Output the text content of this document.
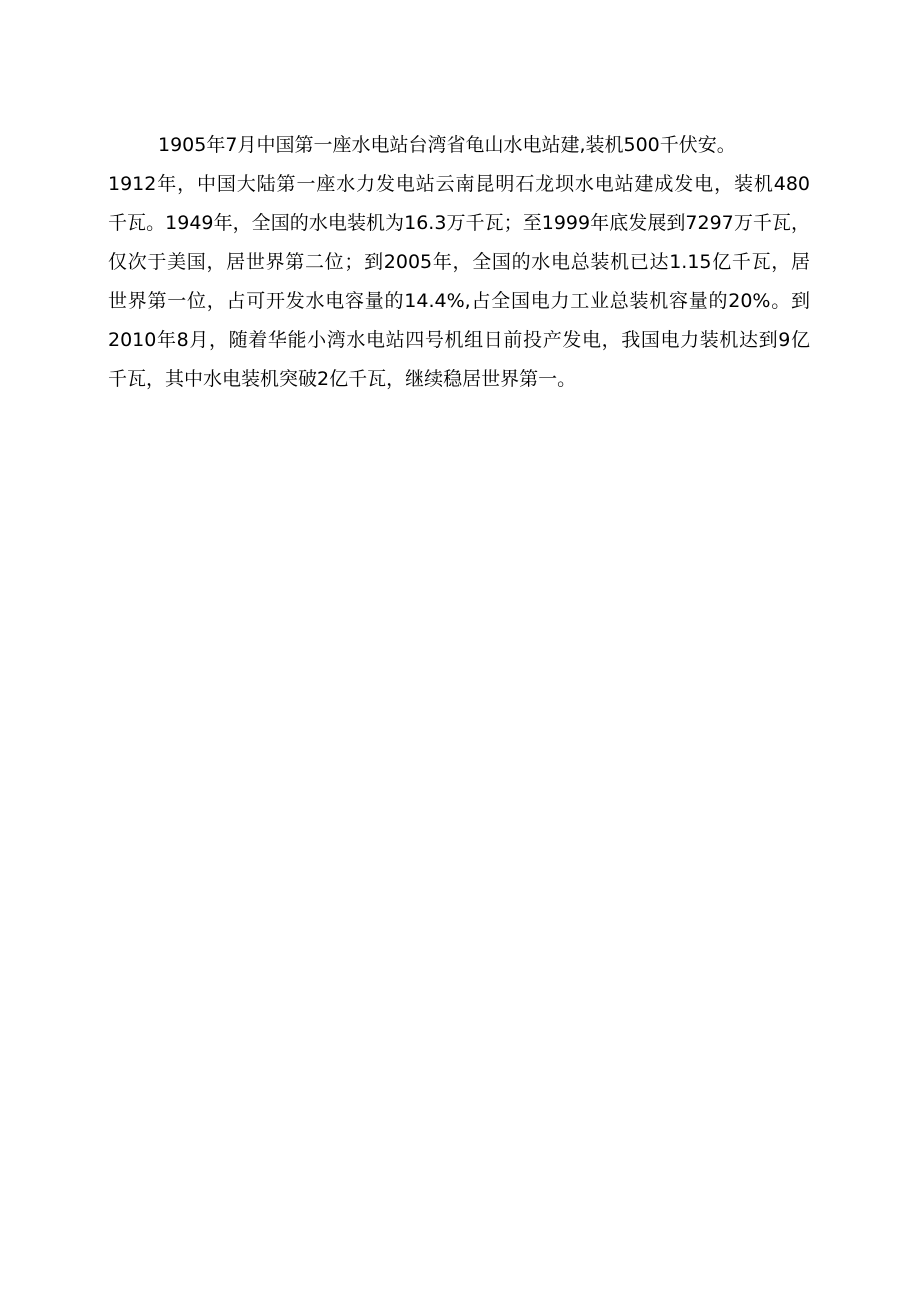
1905年7月中国第一座水电站台湾省龟山水电站建,装机500千伏安。
1912年，中国大陆第一座水力发电站云南昆明石龙坝水电站建成发电，装机480
千瓦。1949年，全国的水电装机为16.3万千瓦；至1999年底发展到7297万千瓦，
仅次于美国，居世界第二位；到2005年，全国的水电总装机已达1.15亿千瓦，居
世界第一位，占可开发水电容量的14.4%,占全国电力工业总装机容量的20%。到
2010年8月，随着华能小湾水电站四号机组日前投产发电，我国电力装机达到9亿
千瓦，其中水电装机突破2亿千瓦，继续稳居世界第一。
